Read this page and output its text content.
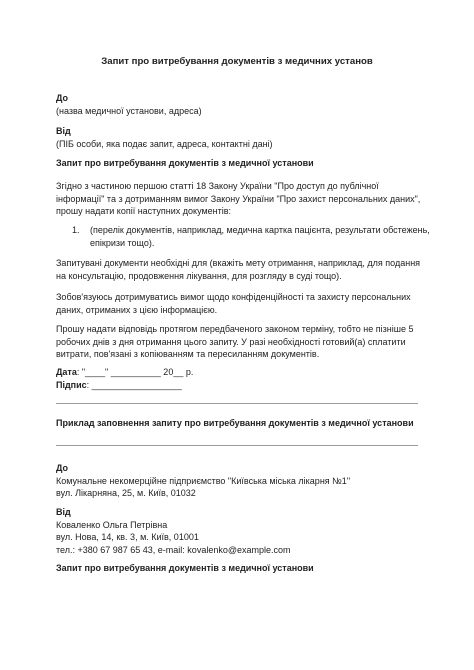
Запит про витребування документів з медичних установ
До
(назва медичної установи, адреса)
Від
(ПІБ особи, яка подає запит, адреса, контактні дані)
Запит про витребування документів з медичної установи
Згідно з частиною першою статті 18 Закону України "Про доступ до публічної
інформації" та з дотриманням вимог Закону України "Про захист персональних даних",
прошу надати копії наступних документів:
1. (перелік документів, наприклад, медична картка пацієнта, результати обстежень,
епікризи тощо).
Запитувані документи необхідні для (вкажіть мету отримання, наприклад, для подання
на консультацію, продовження лікування, для розгляду в суді тощо).
Зобов'язуюсь дотримуватись вимог щодо конфіденційності та захисту персональних
даних, отриманих з цією інформацією.
Прошу надати відповідь протягом передбаченого законом терміну, тобто не пізніше 5
робочих днів з дня отримання цього запиту. У разі необхідності готовий(а) сплатити
витрати, пов'язані з копіюванням та пересиланням документів.
Дата: "____" __________ 20__ р.
Підпис: __________________
Приклад заповнення запиту про витребування документів з медичної установи
До
Комунальне некомерційне підприємство "Київська міська лікарня №1"
вул. Лікарняна, 25, м. Київ, 01032
Від
Коваленко Ольга Петрівна
вул. Нова, 14, кв. 3, м. Київ, 01001
тел.: +380 67 987 65 43, e-mail: kovalenko@example.com
Запит про витребування документів з медичної установи
